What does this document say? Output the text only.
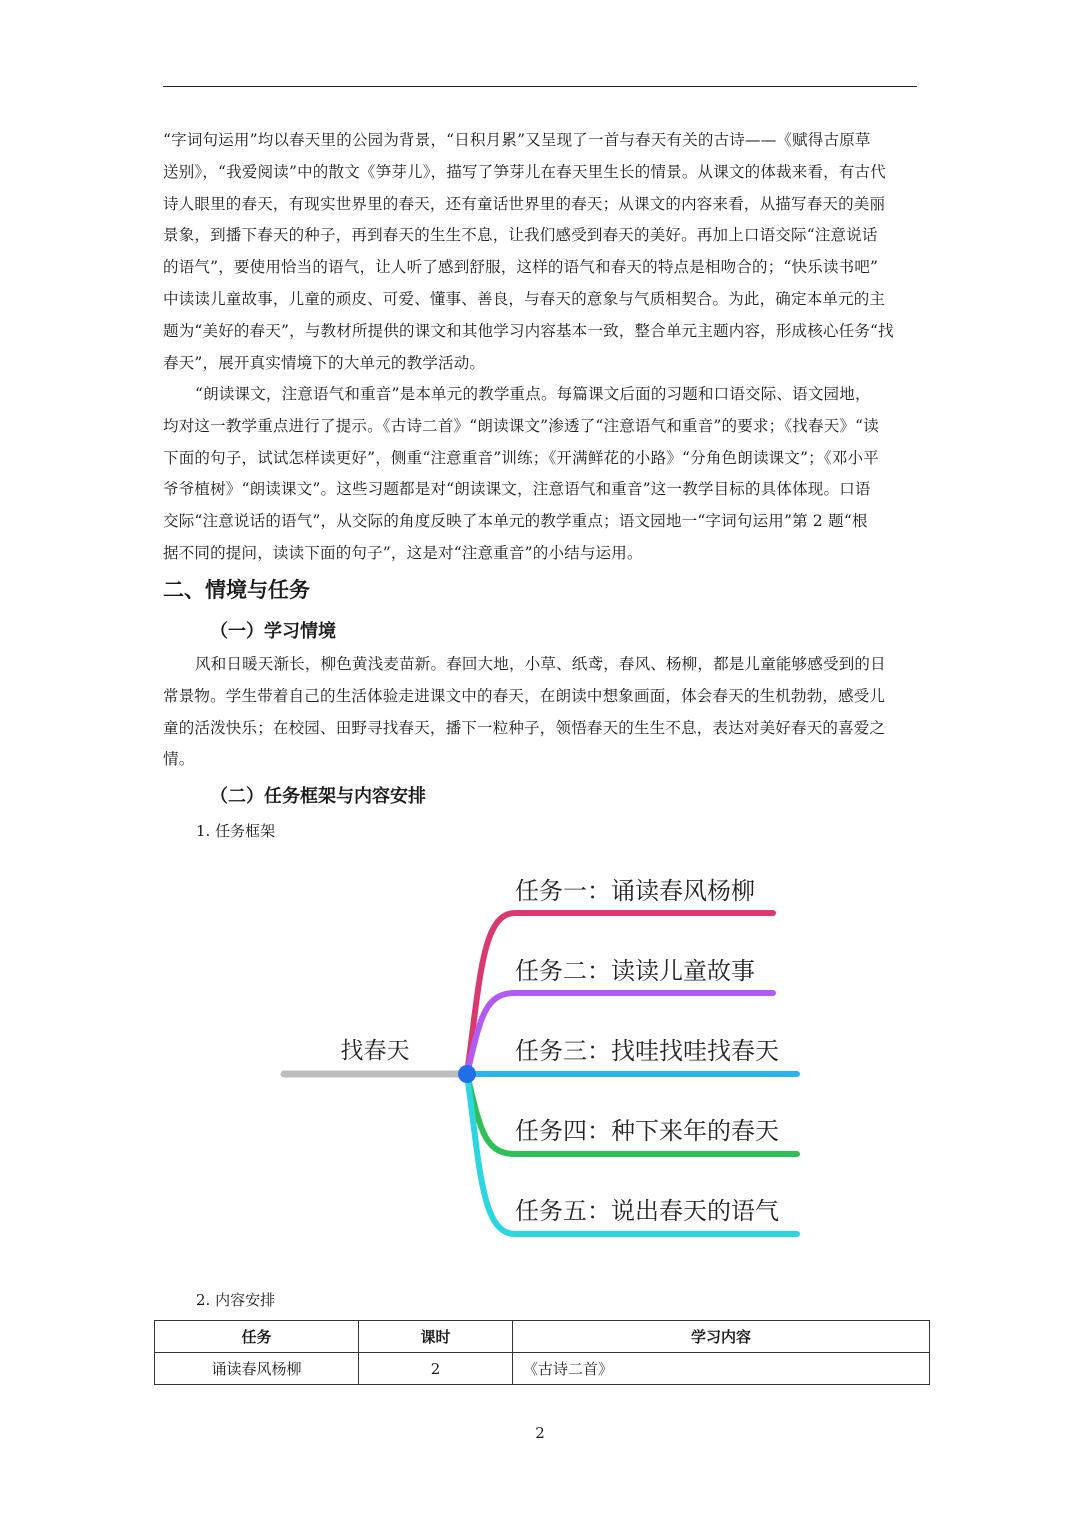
“字词句运用”均以春天里的公园为背景，“日积月累”又呈现了一首与春天有关的古诗——《赋得古原草
送别》，“我爱阅读”中的散文《笋芽儿》，描写了笋芽儿在春天里生长的情景。从课文的体裁来看，有古代
诗人眼里的春天，有现实世界里的春天，还有童话世界里的春天；从课文的内容来看，从描写春天的美丽
景象，到播下春天的种子，再到春天的生生不息，让我们感受到春天的美好。再加上口语交际“注意说话
的语气”，要使用恰当的语气，让人听了感到舒服，这样的语气和春天的特点是相吻合的；“快乐读书吧”
中读读儿童故事，儿童的顽皮、可爱、懂事、善良，与春天的意象与气质相契合。为此，确定本单元的主
题为“美好的春天”，与教材所提供的课文和其他学习内容基本一致，整合单元主题内容，形成核心任务“找
春天”，展开真实情境下的大单元的教学活动。
“朗读课文，注意语气和重音”是本单元的教学重点。每篇课文后面的习题和口语交际、语文园地，
均对这一教学重点进行了提示。《古诗二首》“朗读课文”渗透了“注意语气和重音”的要求；《找春天》“读
下面的句子，试试怎样读更好”，侧重“注意重音”训练；《开满鲜花的小路》“分角色朗读课文”；《邓小平
爷爷植树》“朗读课文”。这些习题都是对“朗读课文，注意语气和重音”这一教学目标的具体体现。口语
交际“注意说话的语气”，从交际的角度反映了本单元的教学重点；语文园地一“字词句运用”第 2 题“根
据不同的提问，读读下面的句子”，这是对“注意重音”的小结与运用。
二、情境与任务
（一）学习情境
风和日暖天渐长，柳色黄浅麦苗新。春回大地，小草、纸鸢，春风、杨柳，都是儿童能够感受到的日
常景物。学生带着自己的生活体验走进课文中的春天，在朗读中想象画面，体会春天的生机勃勃，感受儿
童的活泼快乐；在校园、田野寻找春天，播下一粒种子，领悟春天的生生不息，表达对美好春天的喜爱之
情。
（二）任务框架与内容安排

1. 任务框架

找春天
任务一：诵读春风杨柳
任务二：读读儿童故事
任务三：找哇找哇找春天
任务四：种下来年的春天
任务五：说出春天的语气

2. 内容安排

任务	课时	学习内容
诵读春风杨柳	2	《古诗二首》
2
